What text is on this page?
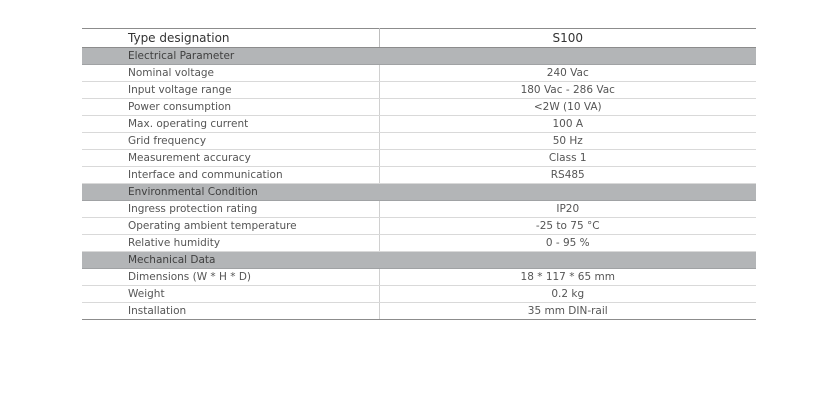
Type designation	S100
Electrical Parameter	
Nominal voltage	240 Vac
Input voltage range	180 Vac - 286 Vac
Power consumption	<2W (10 VA)
Max. operating current	100 A
Grid frequency	50 Hz
Measurement accuracy	Class 1
Interface and communication	RS485
Environmental Condition	
Ingress protection rating	IP20
Operating ambient temperature	-25 to 75 °C
Relative humidity	0 - 95 %
Mechanical Data	
Dimensions (W * H * D)	18 * 117 * 65 mm
Weight	0.2 kg
Installation	35 mm DIN-rail
